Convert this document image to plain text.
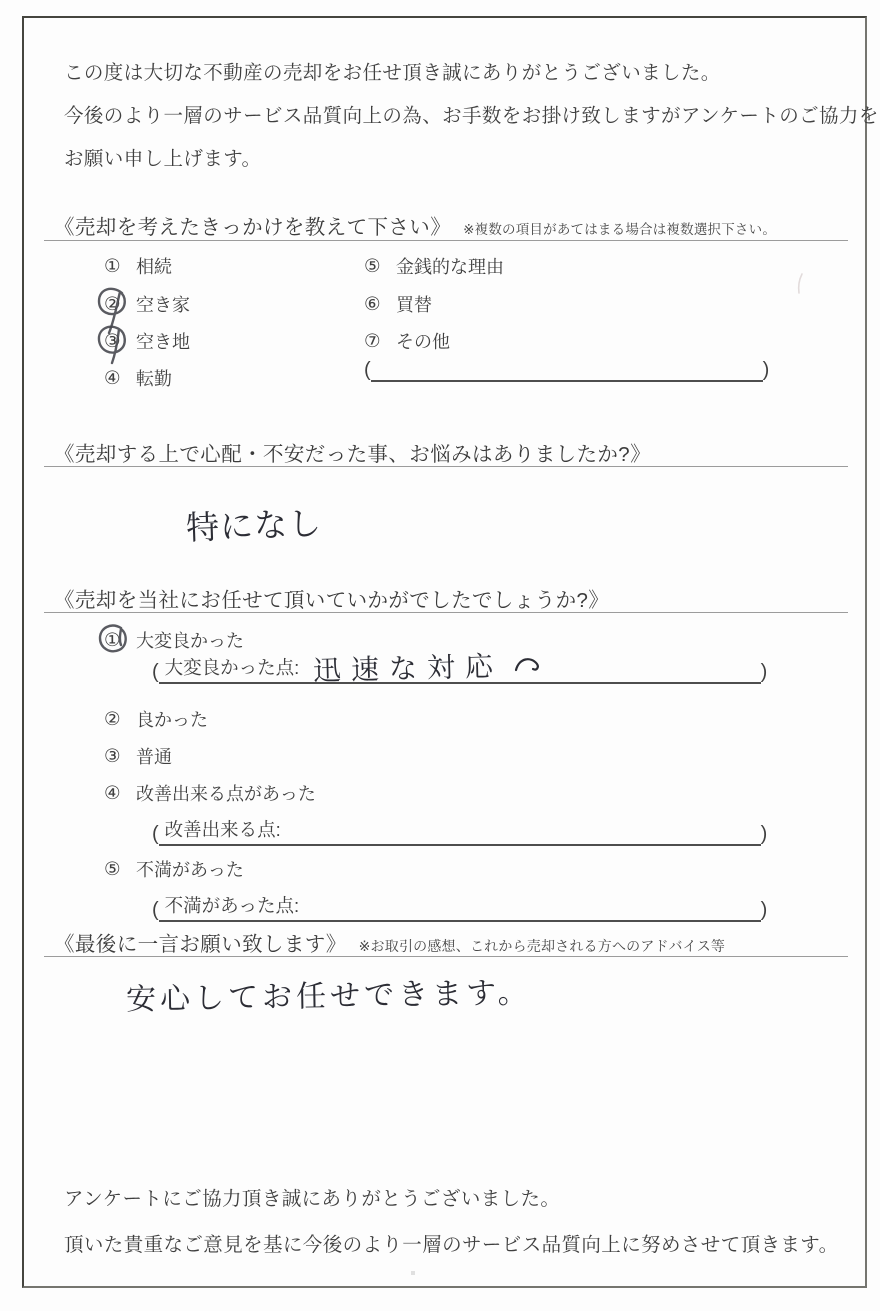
この度は大切な不動産の売却をお任せ頂き誠にありがとうございました。
今後のより一層のサービス品質向上の為、お手数をお掛け致しますがアンケートのご協力を
お願い申し上げます。
《売却を考えたきっかけを教えて下さい》 ※複数の項目があてはまる場合は複数選択下さい。
① 相続
② 空き家
③ 空き地
④ 転勤
⑤ 金銭的な理由
⑥ 買替
⑦ その他
(	)
《売却する上で心配・不安だった事、お悩みはありましたか?》
特になし
《売却を当社にお任せて頂いていかがでしたでしょうか?》
① 大変良かった
( 大変良かった点: 迅速な対応	)
② 良かった
③ 普通
④ 改善出来る点があった
( 改善出来る点:	)
⑤ 不満があった
( 不満があった点:	)
《最後に一言お願い致します》 ※お取引の感想、これから売却される方へのアドバイス等
安心してお任せできます。
アンケートにご協力頂き誠にありがとうございました。
頂いた貴重なご意見を基に今後のより一層のサービス品質向上に努めさせて頂きます。
